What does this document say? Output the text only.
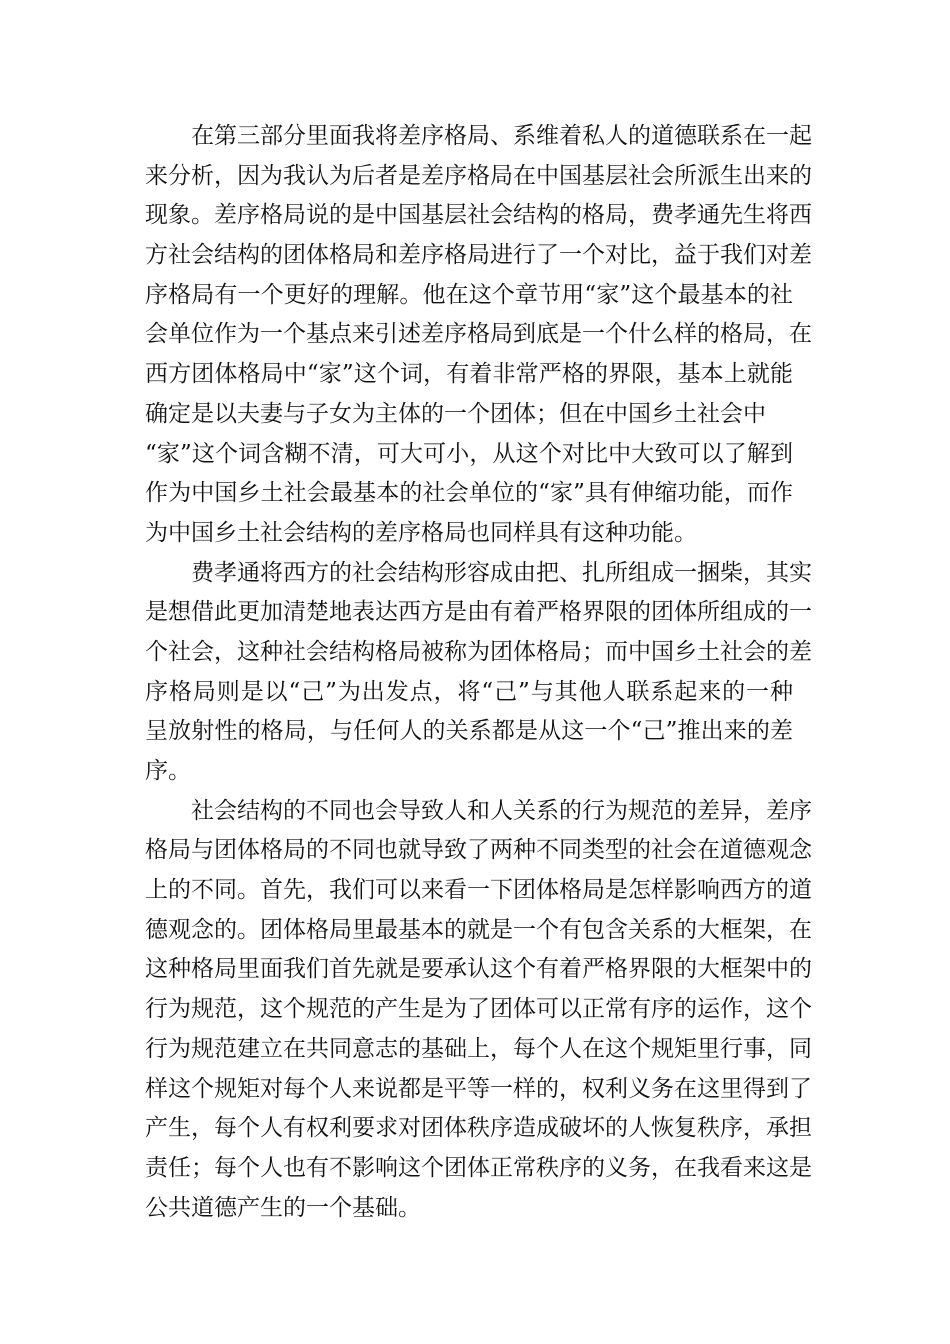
在第三部分里面我将差序格局、系维着私人的道德联系在一起
来分析，因为我认为后者是差序格局在中国基层社会所派生出来的
现象。差序格局说的是中国基层社会结构的格局，费孝通先生将西
方社会结构的团体格局和差序格局进行了一个对比，益于我们对差
序格局有一个更好的理解。他在这个章节用“家”这个最基本的社
会单位作为一个基点来引述差序格局到底是一个什么样的格局，在
西方团体格局中“家”这个词，有着非常严格的界限，基本上就能
确定是以夫妻与子女为主体的一个团体；但在中国乡土社会中
“家”这个词含糊不清，可大可小，从这个对比中大致可以了解到
作为中国乡土社会最基本的社会单位的“家”具有伸缩功能，而作
为中国乡土社会结构的差序格局也同样具有这种功能。
费孝通将西方的社会结构形容成由把、扎所组成一捆柴，其实
是想借此更加清楚地表达西方是由有着严格界限的团体所组成的一
个社会，这种社会结构格局被称为团体格局；而中国乡土社会的差
序格局则是以“己”为出发点，将“己”与其他人联系起来的一种
呈放射性的格局，与任何人的关系都是从这一个“己”推出来的差
序。
社会结构的不同也会导致人和人关系的行为规范的差异，差序
格局与团体格局的不同也就导致了两种不同类型的社会在道德观念
上的不同。首先，我们可以来看一下团体格局是怎样影响西方的道
德观念的。团体格局里最基本的就是一个有包含关系的大框架，在
这种格局里面我们首先就是要承认这个有着严格界限的大框架中的
行为规范，这个规范的产生是为了团体可以正常有序的运作，这个
行为规范建立在共同意志的基础上，每个人在这个规矩里行事，同
样这个规矩对每个人来说都是平等一样的，权利义务在这里得到了
产生，每个人有权利要求对团体秩序造成破坏的人恢复秩序，承担
责任；每个人也有不影响这个团体正常秩序的义务，在我看来这是
公共道德产生的一个基础。
